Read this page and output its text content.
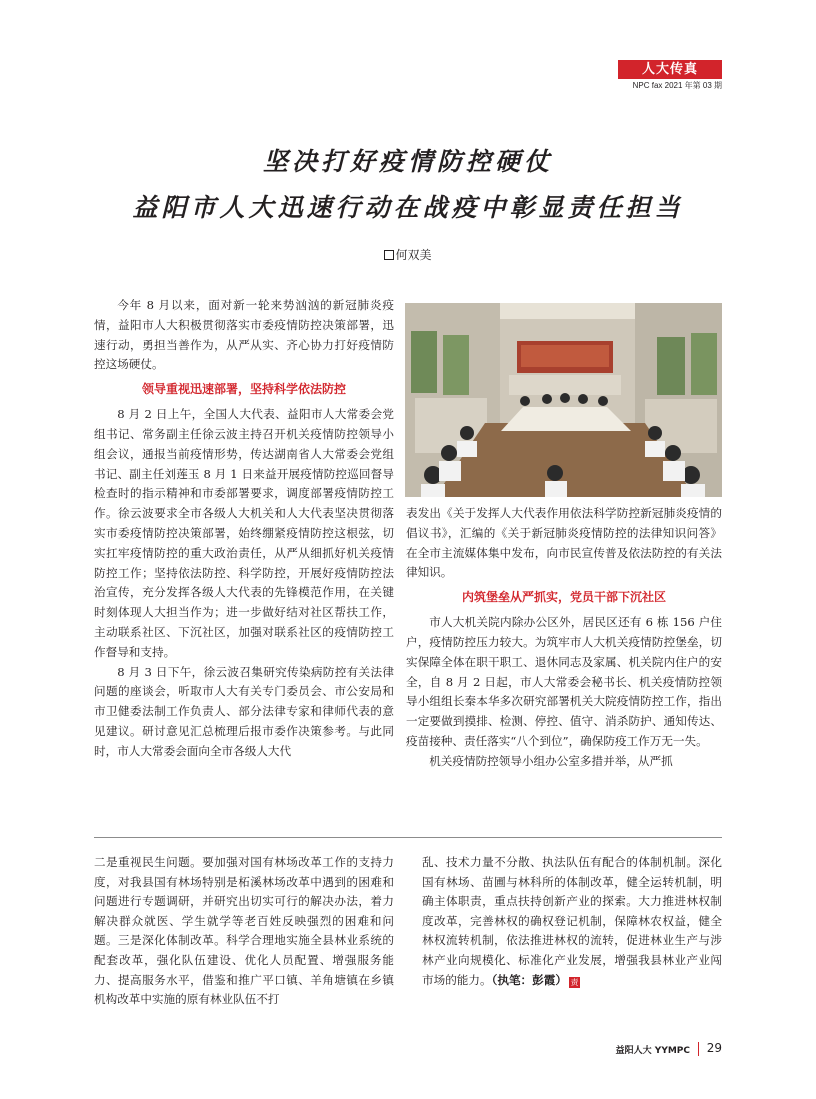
人大传真
NPC fax 2021 年第 03 期
坚决打好疫情防控硬仗
益阳市人大迅速行动在战疫中彰显责任担当
何双美

今年 8 月以来，面对新一轮来势汹汹的新冠肺炎疫情，益阳市人大积极贯彻落实市委疫情防控决策部署，迅速行动，勇担当善作为，从严从实、齐心协力打好疫情防控这场硬仗。

领导重视迅速部署，坚持科学依法防控

8 月 2 日上午，全国人大代表、益阳市人大常委会党组书记、常务副主任徐云波主持召开机关疫情防控领导小组会议，通报当前疫情形势，传达湖南省人大常委会党组书记、副主任刘莲玉 8 月 1 日来益开展疫情防控巡回督导检查时的指示精神和市委部署要求，调度部署疫情防控工作。徐云波要求全市各级人大机关和人大代表坚决贯彻落实市委疫情防控决策部署，始终绷紧疫情防控这根弦，切实扛牢疫情防控的重大政治责任，从严从细抓好机关疫情防控工作；坚持依法防控、科学防控，开展好疫情防控法治宣传，充分发挥各级人大代表的先锋模范作用，在关键时刻体现人大担当作为；进一步做好结对社区帮扶工作，主动联系社区、下沉社区，加强对联系社区的疫情防控工作督导和支持。

8 月 3 日下午，徐云波召集研究传染病防控有关法律问题的座谈会，听取市人大有关专门委员会、市公安局和市卫健委法制工作负责人、部分法律专家和律师代表的意见建议。研讨意见汇总梳理后报市委作决策参考。与此同时，市人大常委会面向全市各级人大代

表发出《关于发挥人大代表作用依法科学防控新冠肺炎疫情的倡议书》，汇编的《关于新冠肺炎疫情防控的法律知识问答》在全市主流媒体集中发布，向市民宣传普及依法防控的有关法律知识。

内筑堡垒从严抓实，党员干部下沉社区

市人大机关院内除办公区外，居民区还有 6 栋 156 户住户，疫情防控压力较大。为筑牢市人大机关疫情防控堡垒，切实保障全体在职干职工、退休同志及家属、机关院内住户的安全，自 8 月 2 日起，市人大常委会秘书长、机关疫情防控领导小组组长秦本华多次研究部署机关大院疫情防控工作，指出一定要做到摸排、检测、停控、值守、消杀防护、通知传达、疫苗接种、责任落实“八个到位”，确保防疫工作万无一失。

机关疫情防控领导小组办公室多措并举，从严抓

二是重视民生问题。要加强对国有林场改革工作的支持力度，对我县国有林场特别是柘溪林场改革中遇到的困难和问题进行专题调研，并研究出切实可行的解决办法，着力解决群众就医、学生就学等老百姓反映强烈的困难和问题。三是深化体制改革。科学合理地实施全县林业系统的配套改革，强化队伍建设、优化人员配置、增强服务能力、提高服务水平，借鉴和推广平口镇、羊角塘镇在乡镇机构改革中实施的原有林业队伍不打

乱、技术力量不分散、执法队伍有配合的体制机制。深化国有林场、苗圃与林科所的体制改革，健全运转机制，明确主体职责，重点扶持创新产业的探索。大力推进林权制度改革，完善林权的确权登记机制，保障林农权益，健全林权流转机制，依法推进林权的流转，促进林业生产与涉林产业向规模化、标准化产业发展，增强我县林业产业闯市场的能力。（执笔：彭霞） 责

益阳人大 YYMPC 29
